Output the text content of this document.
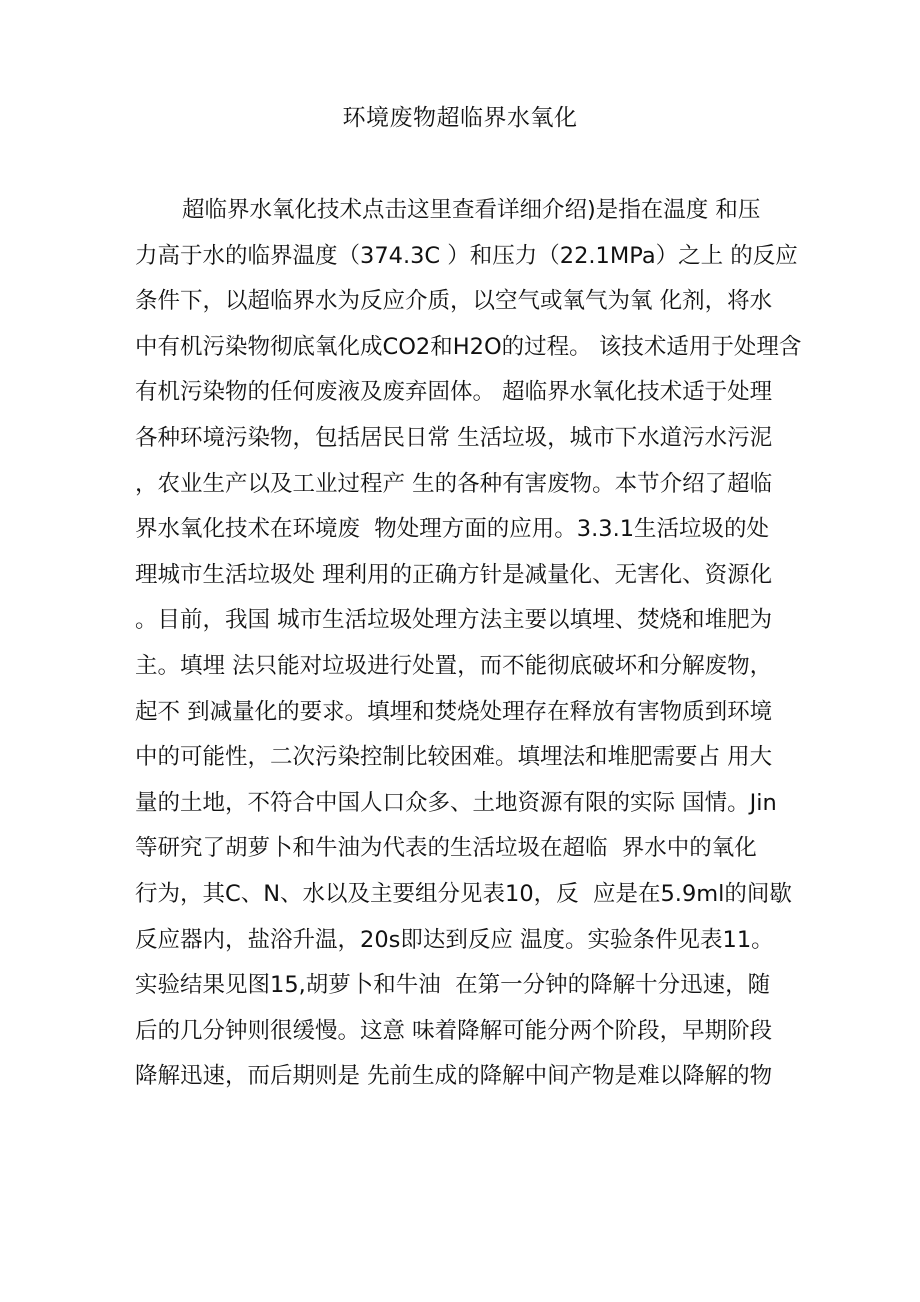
环境废物超临界水氧化
超临界水氧化技术点击这里查看详细介绍)是指在温度 和压
力高于水的临界温度（374.3C ）和压力（22.1MPa）之上 的反应
条件下，以超临界水为反应介质，以空气或氧气为氧 化剂，将水
中有机污染物彻底氧化成CO2和H2O的过程。 该技术适用于处理含
有机污染物的任何废液及废弃固体。 超临界水氧化技术适于处理
各种环境污染物，包括居民日常 生活垃圾，城市下水道污水污泥
，农业生产以及工业过程产 生的各种有害废物。本节介绍了超临
界水氧化技术在环境废  物处理方面的应用。3.3.1生活垃圾的处
理城市生活垃圾处 理利用的正确方针是减量化、无害化、资源化
。目前，我国 城市生活垃圾处理方法主要以填埋、焚烧和堆肥为
主。填埋 法只能对垃圾进行处置，而不能彻底破坏和分解废物，
起不 到减量化的要求。填埋和焚烧处理存在释放有害物质到环境
中的可能性，二次污染控制比较困难。填埋法和堆肥需要占 用大
量的土地，不符合中国人口众多、土地资源有限的实际 国情。Jin
等研究了胡萝卜和牛油为代表的生活垃圾在超临  界水中的氧化
行为，其C、N、水以及主要组分见表10，反  应是在5.9ml的间歇
反应器内，盐浴升温，20s即达到反应 温度。实验条件见表11。
实验结果见图15,胡萝卜和牛油  在第一分钟的降解十分迅速，随
后的几分钟则很缓慢。这意 味着降解可能分两个阶段，早期阶段
降解迅速，而后期则是 先前生成的降解中间产物是难以降解的物
